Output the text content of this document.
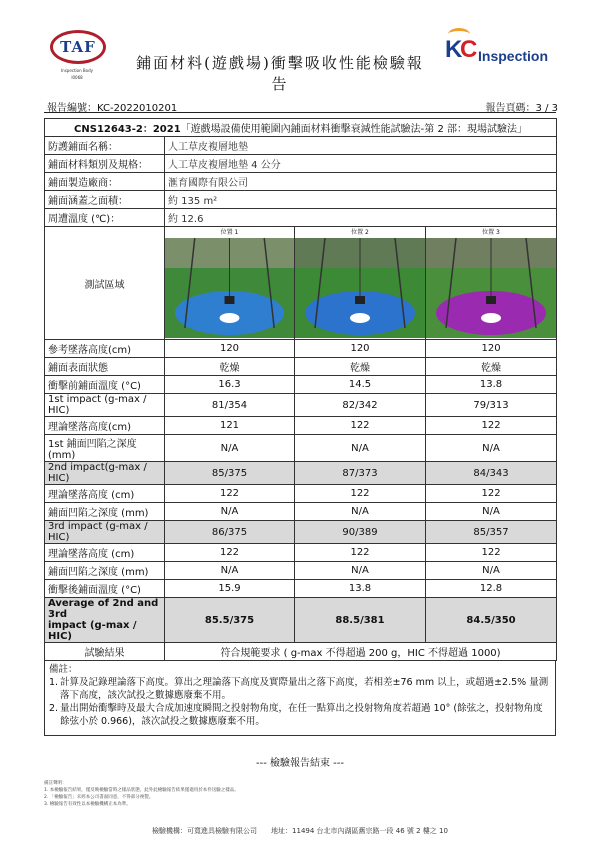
TAF
Inspection Body
I0068
鋪面材料(遊戲場)衝擊吸收性能檢驗報告
K
C Inspection
報告編號：KC-2022010201	報告頁碼：3 / 3
CNS12643-2：2021「遊戲場設備使用範圍內鋪面材料衝擊衰減性能試驗法-第 2 部：現場試驗法」			
防護鋪面名稱：	人工草皮複層地墊		
鋪面材料類別及規格：	人工草皮複層地墊 4 公分		
鋪面製造廠商：	滙育國際有限公司		
鋪面涵蓋之面積：	約 135 m²		
周遭溫度 (℃)：	約 12.6		
測試區域	位置 1	位置 2	位置 3

參考墜落高度(cm)	120	120	120
鋪面表面狀態	乾燥	乾燥	乾燥
衝擊前鋪面溫度 (°C)	16.3	14.5	13.8
1st impact (g-max / HIC)	81/354	82/342	79/313
理論墜落高度(cm)	121	122	122
1st 鋪面凹陷之深度(mm)	N/A	N/A	N/A
2nd impact(g-max / HIC)	85/375	87/373	84/343
理論墜落高度 (cm)	122	122	122
鋪面凹陷之深度 (mm)	N/A	N/A	N/A
3rd impact (g-max / HIC)	86/375	90/389	85/357
理論墜落高度 (cm)	122	122	122
鋪面凹陷之深度 (mm)	N/A	N/A	N/A
衝擊後鋪面溫度 (°C)	15.9	13.8	12.8

Average of 2nd and 3rd
impact (g-max / HIC)	85.5/375	88.5/381	84.5/350
試驗結果	符合規範要求 ( g-max 不得超過 200 g，HIC 不得超過 1000)		
備註：
1. 計算及記錄理論落下高度。算出之理論落下高度及實際量出之落下高度，若相差±76 mm 以上，或超過±2.5% 量測落下高度，該次試投之數據應廢棄不用。
2. 量出開始衝擊時及最大合成加速度瞬間之投射物角度，在任一點算出之投射物角度若超過 10° (餘弦之，投射物角度餘弦小於 0.966)，該次試投之數據應廢棄不用。
--- 檢驗報告結束 ---
備註聲明：
1. 本檢驗報告結果，僅反映檢驗當時之樣品狀態，此外此檢驗報告結果僅適用於本件送驗之樣品。
2. 「檢驗報告」未經本公司書面同意，不得部分複製。
3. 檢驗報告有效性以本檢驗機構正本為準。
檢驗機構：可寬進具檢驗有限公司　　地址：11494 台北市內湖區舊宗路一段 46 號 2 樓之 10
